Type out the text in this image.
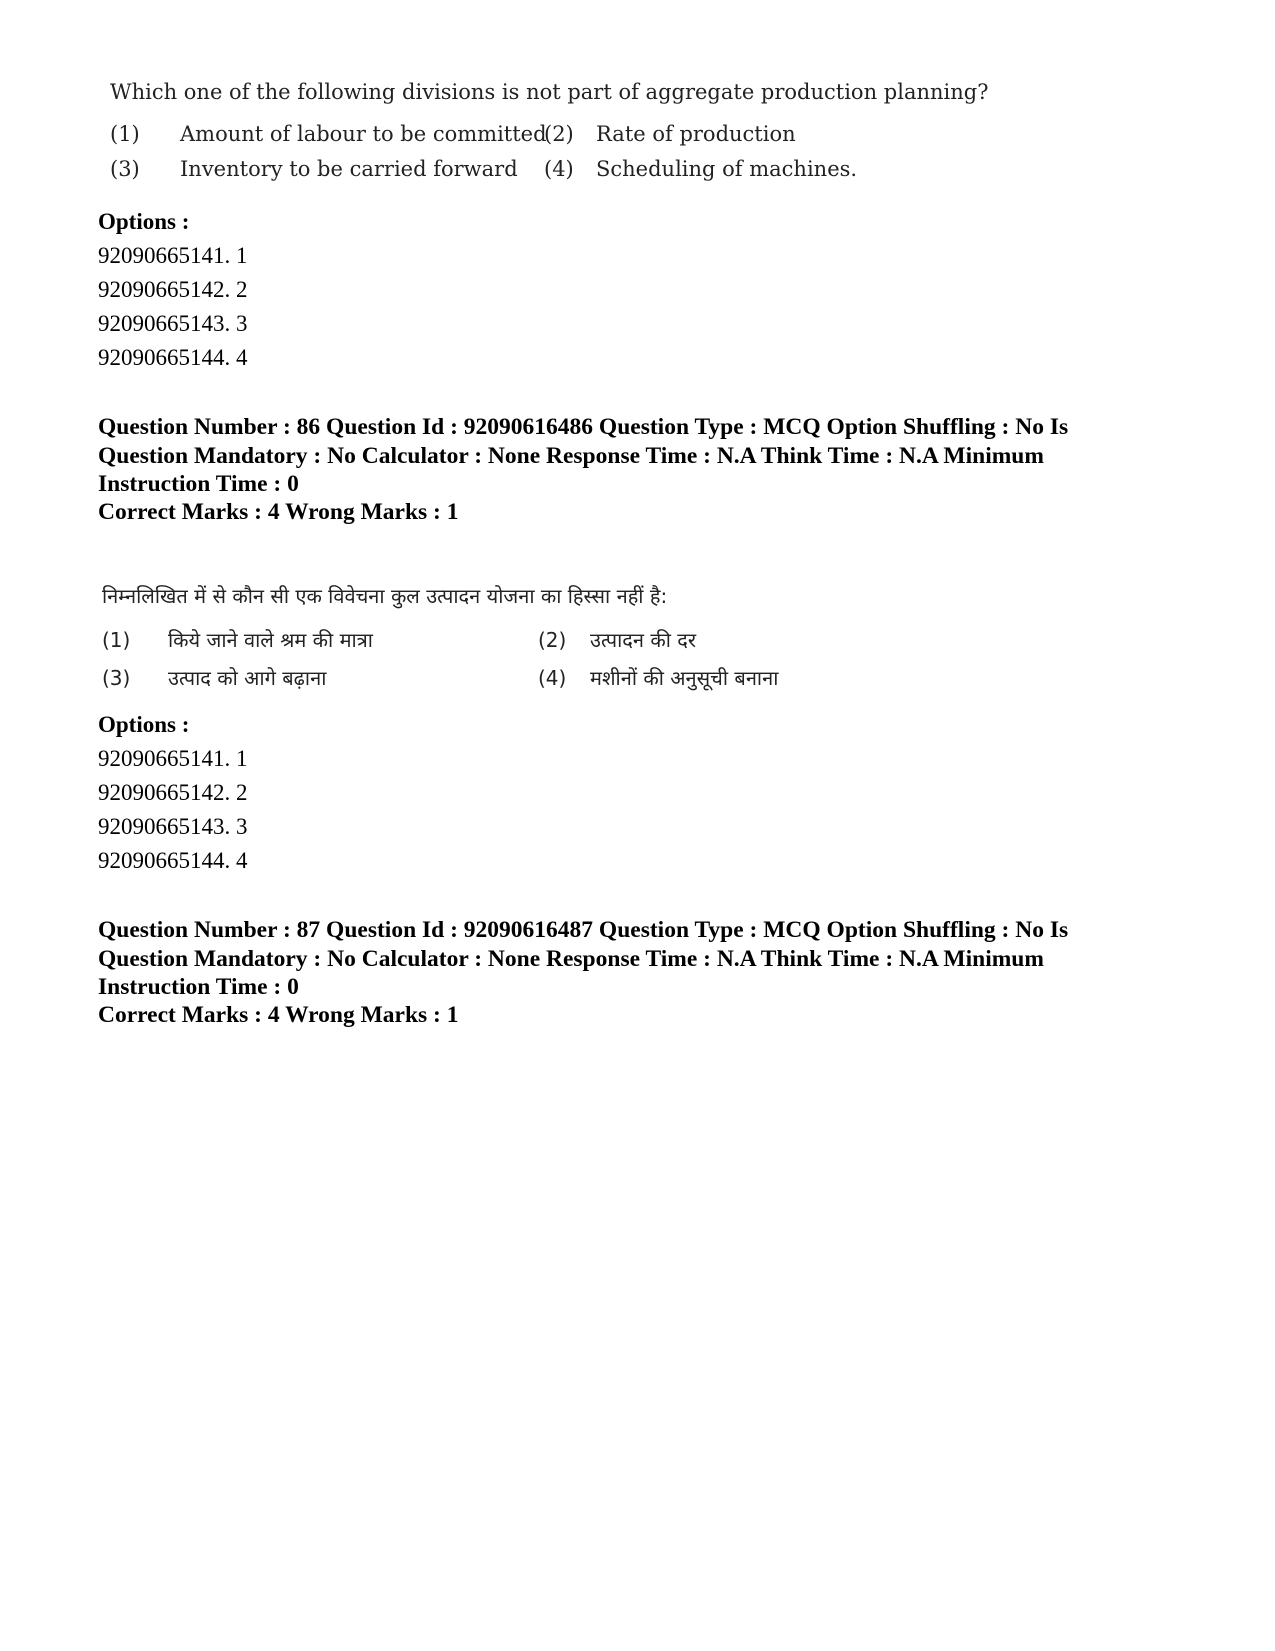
Which one of the following divisions is not part of aggregate production planning?
(1) Amount of labour to be committed
(2) Rate of production
(3) Inventory to be carried forward (4) Scheduling of machines.
Options :
92090665141. 1
92090665142. 2
92090665143. 3
92090665144. 4
Question Number : 86 Question Id : 92090616486 Question Type : MCQ Option Shuffling : No Is Question Mandatory : No Calculator : None Response Time : N.A Think Time : N.A Minimum Instruction Time : 0
Correct Marks : 4 Wrong Marks : 1
निम्नलिखित में से कौन सी एक विवेचना कुल उत्पादन योजना का हिस्सा नहीं है:
(1) किये जाने वाले श्रम की मात्रा	(2) उत्पादन की दर
(3) उत्पाद को आगे बढ़ाना	(4) मशीनों की अनुसूची बनाना
Options :
92090665141. 1
92090665142. 2
92090665143. 3
92090665144. 4
Question Number : 87 Question Id : 92090616487 Question Type : MCQ Option Shuffling : No Is Question Mandatory : No Calculator : None Response Time : N.A Think Time : N.A Minimum Instruction Time : 0
Correct Marks : 4 Wrong Marks : 1
